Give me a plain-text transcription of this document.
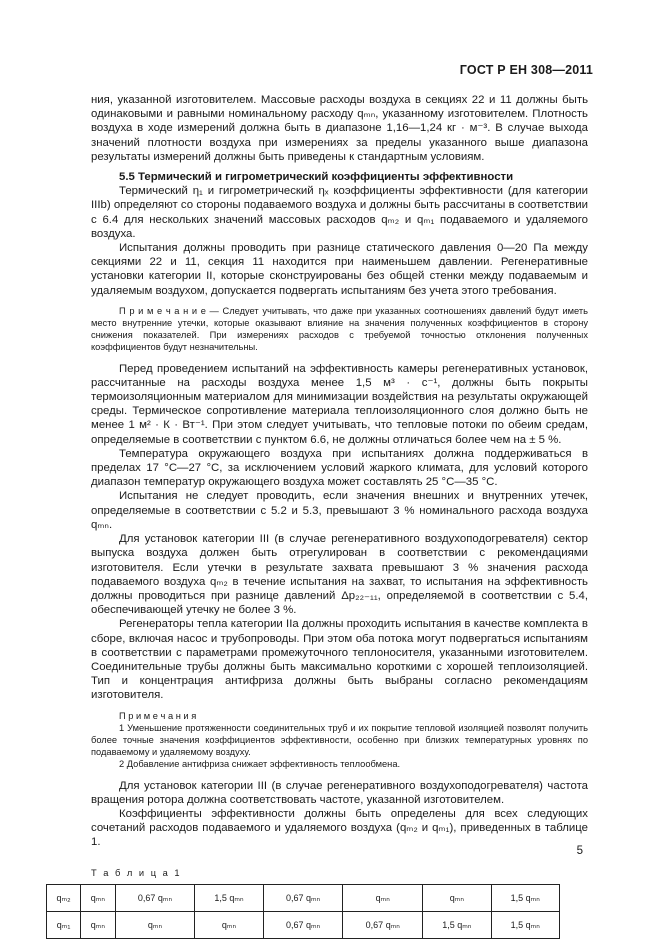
ГОСТ Р ЕН 308—2011

ния, указанной изготовителем. Массовые расходы воздуха в секциях 22 и 11 должны быть одинаковыми и равными номинальному расходу qₘₙ, указанному изготовителем. Плотность воздуха в ходе измерений должна быть в диапазоне 1,16—1,24 кг · м⁻³. В случае выхода значений плотности воздуха при измерениях за пределы указанного выше диапазона результаты измерений должны быть приведены к стандартным условиям.

5.5 Термический и гигрометрический коэффициенты эффективности

Термический η₁ и гигрометрический ηₓ коэффициенты эффективности (для категории IIIb) определяют со стороны подаваемого воздуха и должны быть рассчитаны в соответствии с 6.4 для нескольких значений массовых расходов qₘ₂ и qₘ₁ подаваемого и удаляемого воздуха.

Испытания должны проводить при разнице статического давления 0—20 Па между секциями 22 и 11, секция 11 находится при наименьшем давлении. Регенеративные установки категории II, которые сконструированы без общей стенки между подаваемым и удаляемым воздухом, допускается подвергать испытаниям без учета этого требования.

П р и м е ч а н и е — Следует учитывать, что даже при указанных соотношениях давлений будут иметь место внутренние утечки, которые оказывают влияние на значения полученных коэффициентов в сторону снижения показателей. При измерениях расходов с требуемой точностью отклонения полученных коэффициентов будут незначительны.

Перед проведением испытаний на эффективность камеры регенеративных установок, рассчитанные на расходы воздуха менее 1,5 м³ · с⁻¹, должны быть покрыты термоизоляционным материалом для минимизации воздействия на результаты окружающей среды. Термическое сопротивление материала теплоизоляционного слоя должно быть не менее 1 м² · К · Вт⁻¹. При этом следует учитывать, что тепловые потоки по обеим средам, определяемые в соответствии с пунктом 6.6, не должны отличаться более чем на ± 5 %.

Температура окружающего воздуха при испытаниях должна поддерживаться в пределах 17 °С—27 °С, за исключением условий жаркого климата, для условий которого диапазон температур окружающего воздуха может составлять 25 °С—35 °С.

Испытания не следует проводить, если значения внешних и внутренних утечек, определяемые в соответствии с 5.2 и 5.3, превышают 3 % номинального расхода воздуха qₘₙ.

Для установок категории III (в случае регенеративного воздухоподогревателя) сектор выпуска воздуха должен быть отрегулирован в соответствии с рекомендациями изготовителя. Если утечки в результате захвата превышают 3 % значения расхода подаваемого воздуха qₘ₂ в течение испытания на захват, то испытания на эффективность должны проводиться при разнице давлений Δp₂₂₋₁₁, определяемой в соответствии с 5.4, обеспечивающей утечку не более 3 %.

Регенераторы тепла категории IIa должны проходить испытания в качестве комплекта в сборе, включая насос и трубопроводы. При этом оба потока могут подвергаться испытаниям в соответствии с параметрами промежуточного теплоносителя, указанными изготовителем. Соединительные трубы должны быть максимально короткими с хорошей теплоизоляцией. Тип и концентрация антифриза должны быть выбраны согласно рекомендациям изготовителя.

П р и м е ч а н и я

1 Уменьшение протяженности соединительных труб и их покрытие тепловой изоляцией позволят получить более точные значения коэффициентов эффективности, особенно при близких температурных уровнях по подаваемому и удаляемому воздуху.

2 Добавление антифриза снижает эффективность теплообмена.

Для установок категории III (в случае регенеративного воздухоподогревателя) частота вращения ротора должна соответствовать частоте, указанной изготовителем.

Коэффициенты эффективности должны быть определены для всех следующих сочетаний расходов подаваемого и удаляемого воздуха (qₘ₂ и qₘ₁), приведенных в таблице 1.

Т а б л и ц а 1
qₘ₂	qₘₙ	0,67 qₘₙ	1,5 qₘₙ	0,67 qₘₙ	qₘₙ	qₘₙ	1,5 qₘₙ
qₘ₁	qₘₙ	qₘₙ	qₘₙ	0,67 qₘₙ	0,67 qₘₙ	1,5 qₘₙ	1,5 qₘₙ
5
